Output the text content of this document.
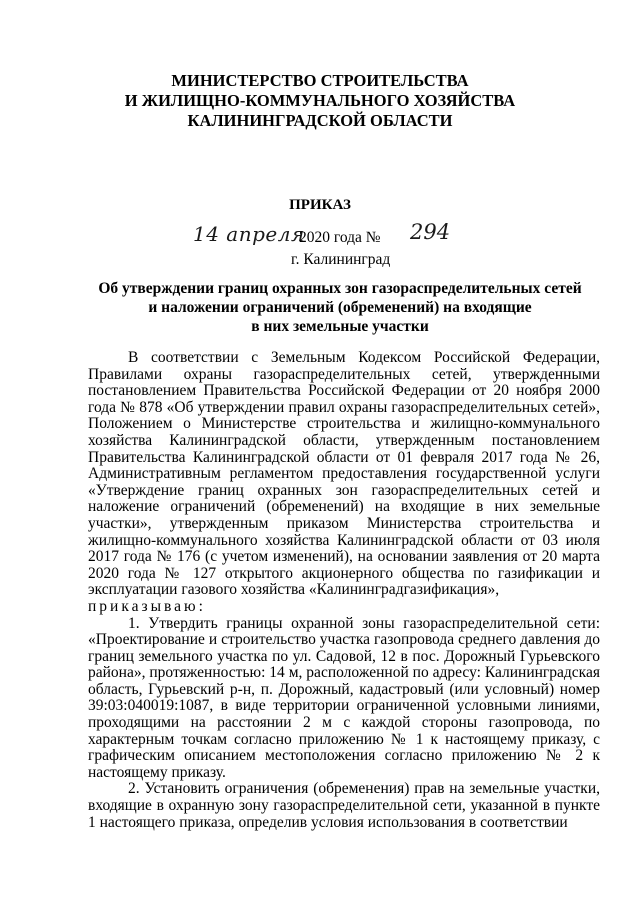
МИНИСТЕРСТВО СТРОИТЕЛЬСТВА
И ЖИЛИЩНО-КОММУНАЛЬНОГО ХОЗЯЙСТВА
КАЛИНИНГРАДСКОЙ ОБЛАСТИ
ПРИКАЗ
14 апреля
2020 года № 294
г. Калининград
Об утверждении границ охранных зон газораспределительных сетей
и наложении ограничений (обременений) на входящие
в них земельные участки

В соответствии с Земельным Кодексом Российской Федерации, Правилами охраны газораспределительных сетей, утвержденными постановлением Правительства Российской Федерации от 20 ноября 2000 года № 878 «Об утверждении правил охраны газораспределительных сетей», Положением о Министерстве строительства и жилищно-коммунального хозяйства Калининградской области, утвержденным постановлением Правительства Калининградской области от 01 февраля 2017 года № 26, Административным регламентом предоставления государственной услуги «Утверждение границ охранных зон газораспределительных сетей и наложение ограничений (обременений) на входящие в них земельные участки», утвержденным приказом Министерства строительства и жилищно-коммунального хозяйства Калининградской области от 03 июля 2017 года № 176 (с учетом изменений), на основании заявления от 20 марта 2020 года № 127 открытого акционерного общества по газификации и эксплуатации газового хозяйства «Калининградгазификация»,

приказываю:

1. Утвердить границы охранной зоны газораспределительной сети: «Проектирование и строительство участка газопровода среднего давления до границ земельного участка по ул. Садовой, 12 в пос. Дорожный Гурьевского района», протяженностью: 14 м, расположенной по адресу: Калининградская область, Гурьевский р-н, п. Дорожный, кадастровый (или условный) номер 39:03:040019:1087, в виде территории ограниченной условными линиями, проходящими на расстоянии 2 м с каждой стороны газопровода, по характерным точкам согласно приложению № 1 к настоящему приказу, с графическим описанием местоположения согласно приложению № 2 к настоящему приказу.

2. Установить ограничения (обременения) прав на земельные участки, входящие в охранную зону газораспределительной сети, указанной в пункте 1 настоящего приказа, определив условия использования в соответствии
